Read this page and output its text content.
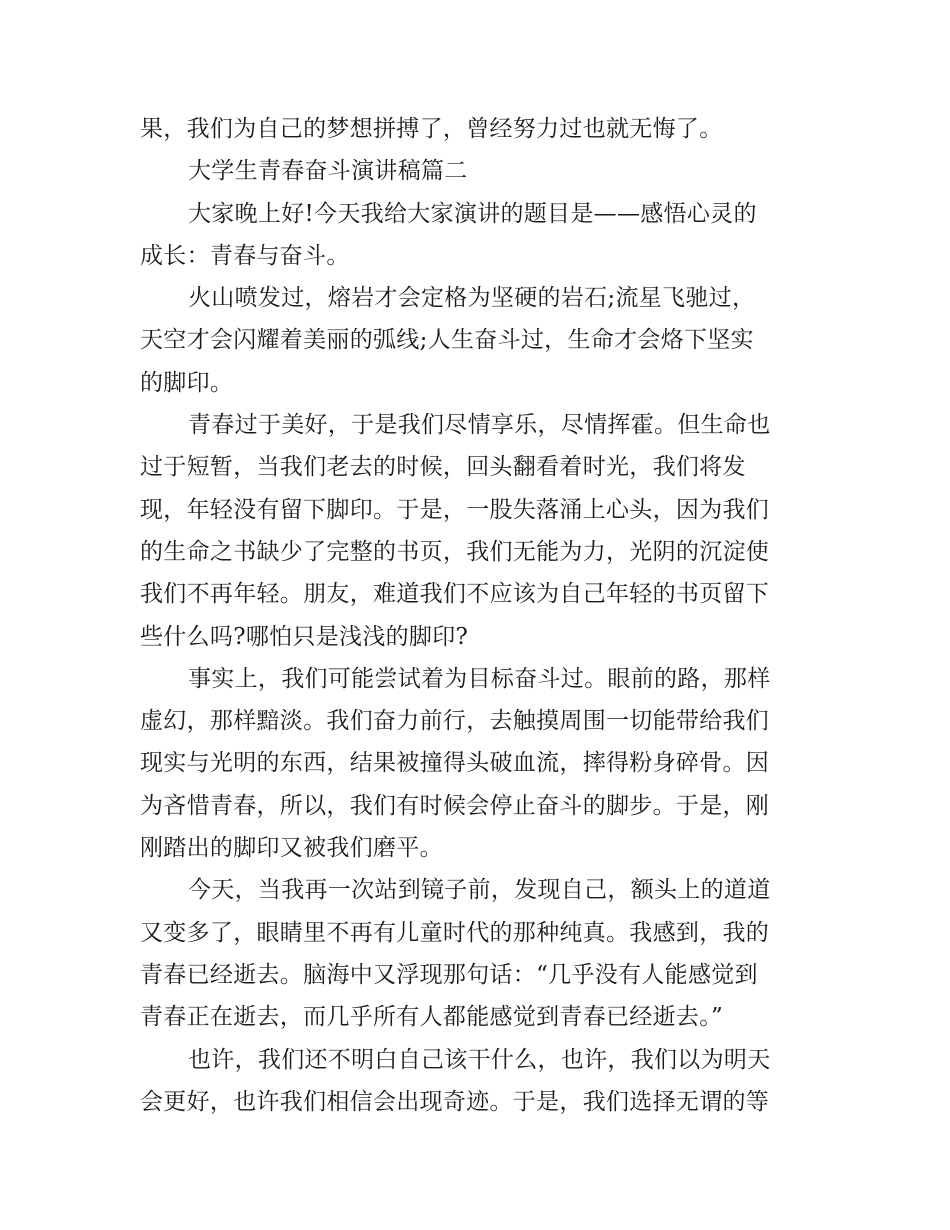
果，我们为自己的梦想拼搏了，曾经努力过也就无悔了。
大学生青春奋斗演讲稿篇二
大家晚上好!今天我给大家演讲的题目是——感悟心灵的
成长：青春与奋斗。
火山喷发过，熔岩才会定格为坚硬的岩石;流星飞驰过，
天空才会闪耀着美丽的弧线;人生奋斗过，生命才会烙下坚实
的脚印。
青春过于美好，于是我们尽情享乐，尽情挥霍。但生命也
过于短暂，当我们老去的时候，回头翻看着时光，我们将发
现，年轻没有留下脚印。于是，一股失落涌上心头，因为我们
的生命之书缺少了完整的书页，我们无能为力，光阴的沉淀使
我们不再年轻。朋友，难道我们不应该为自己年轻的书页留下
些什么吗?哪怕只是浅浅的脚印?
事实上，我们可能尝试着为目标奋斗过。眼前的路，那样
虚幻，那样黯淡。我们奋力前行，去触摸周围一切能带给我们
现实与光明的东西，结果被撞得头破血流，摔得粉身碎骨。因
为吝惜青春，所以，我们有时候会停止奋斗的脚步。于是，刚
刚踏出的脚印又被我们磨平。
今天，当我再一次站到镜子前，发现自己，额头上的道道
又变多了，眼睛里不再有儿童时代的那种纯真。我感到，我的
青春已经逝去。脑海中又浮现那句话：“几乎没有人能感觉到
青春正在逝去，而几乎所有人都能感觉到青春已经逝去。”
也许，我们还不明白自己该干什么，也许，我们以为明天
会更好，也许我们相信会出现奇迹。于是，我们选择无谓的等
